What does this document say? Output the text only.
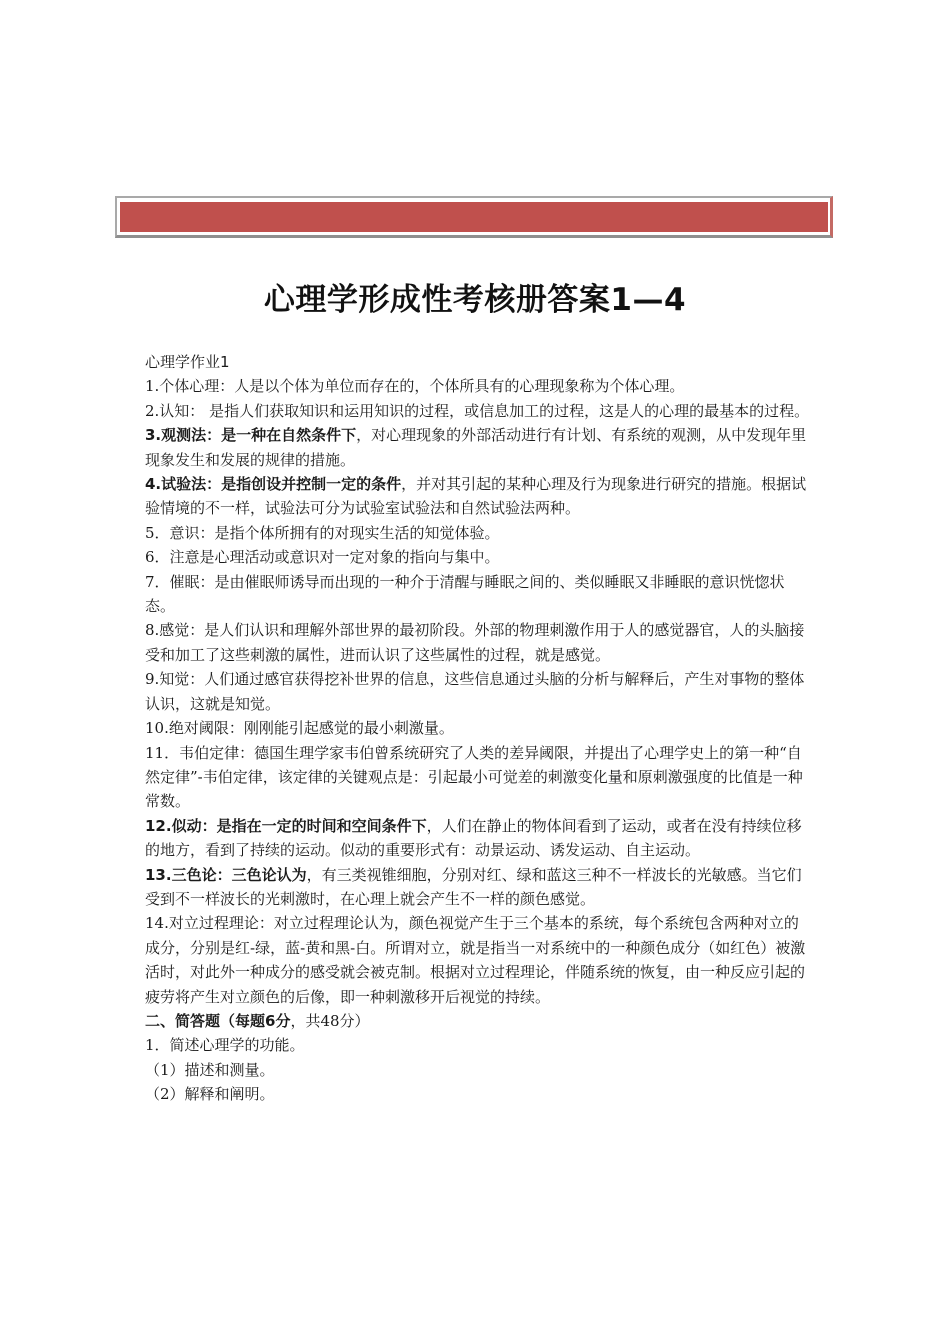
心理学形成性考核册答案1—4

心理学作业1

1.个体心理：人是以个体为单位而存在的，个体所具有的心理现象称为个体心理。

2.认知： 是指人们获取知识和运用知识的过程，或信息加工的过程，这是人的心理的最基本的过程。

3.观测法：是一种在自然条件下，对心理现象的外部活动进行有计划、有系统的观测，从中发现年里现象发生和发展的规律的措施。

4.试验法：是指创设并控制一定的条件，并对其引起的某种心理及行为现象进行研究的措施。根据试验情境的不一样，试验法可分为试验室试验法和自然试验法两种。

5．意识：是指个体所拥有的对现实生活的知觉体验。

6．注意是心理活动或意识对一定对象的指向与集中。

7．催眠：是由催眠师诱导而出现的一种介于清醒与睡眠之间的、类似睡眠又非睡眠的意识恍惚状态。

8.感觉：是人们认识和理解外部世界的最初阶段。外部的物理刺激作用于人的感觉器官，人的头脑接受和加工了这些刺激的属性，进而认识了这些属性的过程，就是感觉。

9.知觉：人们通过感官获得挖补世界的信息，这些信息通过头脑的分析与解释后，产生对事物的整体认识，这就是知觉。

10.绝对阈限：刚刚能引起感觉的最小刺激量。

11．韦伯定律：德国生理学家韦伯曾系统研究了人类的差异阈限，并提出了心理学史上的第一种“自然定律”-韦伯定律，该定律的关键观点是：引起最小可觉差的刺激变化量和原刺激强度的比值是一种常数。

12.似动：是指在一定的时间和空间条件下，人们在静止的物体间看到了运动，或者在没有持续位移的地方，看到了持续的运动。似动的重要形式有：动景运动、诱发运动、自主运动。

13.三色论：三色论认为，有三类视锥细胞，分别对红、绿和蓝这三种不一样波长的光敏感。当它们受到不一样波长的光刺激时，在心理上就会产生不一样的颜色感觉。

14.对立过程理论：对立过程理论认为，颜色视觉产生于三个基本的系统，每个系统包含两种对立的成分，分别是红-绿，蓝-黄和黑-白。所谓对立，就是指当一对系统中的一种颜色成分（如红色）被激活时，对此外一种成分的感受就会被克制。根据对立过程理论，伴随系统的恢复，由一种反应引起的疲劳将产生对立颜色的后像，即一种刺激移开后视觉的持续。

二、简答题（每题6分，共48分）

1．简述心理学的功能。

（1）描述和测量。

（2）解释和阐明。
